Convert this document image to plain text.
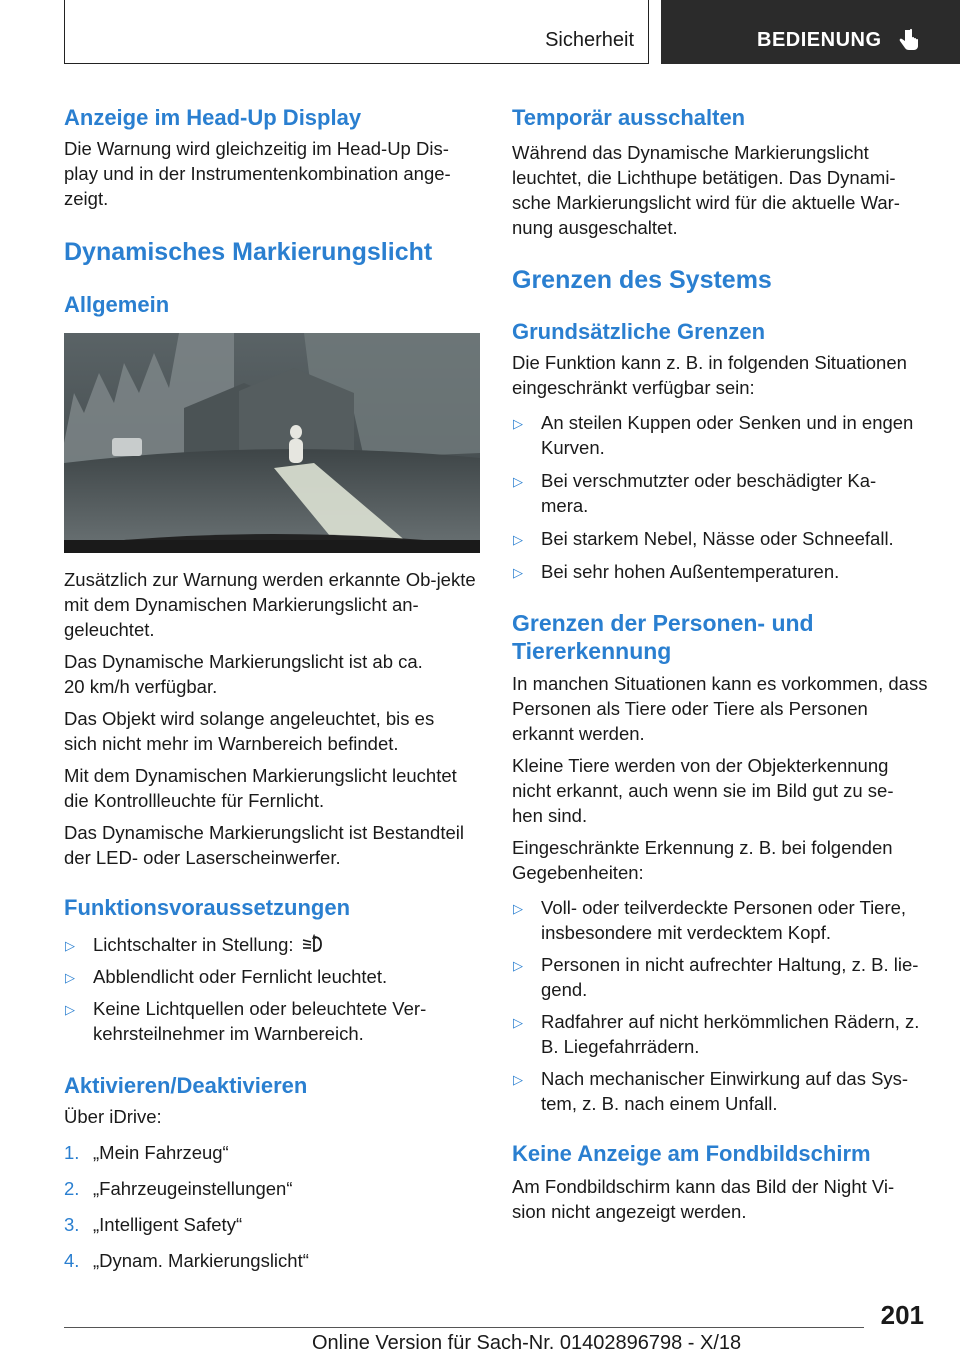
Sicherheit	BEDIENUNG
Anzeige im Head-Up Display

Die Warnung wird gleichzeitig im Head-Up Dis-play und in der Instrumentenkombination ange-zeigt.

Dynamisches Markierungslicht
Allgemein

Zusätzlich zur Warnung werden erkannte Ob-jekte mit dem Dynamischen Markierungslicht an-geleuchtet.

Das Dynamische Markierungslicht ist ab ca. 20 km/h verfügbar.

Das Objekt wird solange angeleuchtet, bis es sich nicht mehr im Warnbereich befindet.

Mit dem Dynamischen Markierungslicht leuchtet die Kontrollleuchte für Fernlicht.

Das Dynamische Markierungslicht ist Bestandteil der LED- oder Laserscheinwerfer.

Funktionsvoraussetzungen
▷ Lichtschalter in Stellung:	A
▷ Abblendlicht oder Fernlicht leuchtet.
▷ Keine Lichtquellen oder beleuchtete Ver-kehrsteilnehmer im Warnbereich.
Aktivieren/Deaktivieren

Über iDrive:

1. „Mein Fahrzeug“
2. „Fahrzeugeinstellungen“
3. „Intelligent Safety“
4. „Dynam. Markierungslicht“
Temporär ausschalten

Während das Dynamische Markierungslicht leuchtet, die Lichthupe betätigen. Das Dynami-sche Markierungslicht wird für die aktuelle War-nung ausgeschaltet.

Grenzen des Systems
Grundsätzliche Grenzen

Die Funktion kann z. B. in folgenden Situationen eingeschränkt verfügbar sein:

▷ An steilen Kuppen oder Senken und in engen Kurven.
▷ Bei verschmutzter oder beschädigter Ka-mera.
▷ Bei starkem Nebel, Nässe oder Schneefall.
▷ Bei sehr hohen Außentemperaturen.
Grenzen der Personen- und Tiererkennung

In manchen Situationen kann es vorkommen, dass Personen als Tiere oder Tiere als Personen erkannt werden.

Kleine Tiere werden von der Objekterkennung nicht erkannt, auch wenn sie im Bild gut zu se-hen sind.

Eingeschränkte Erkennung z. B. bei folgenden Gegebenheiten:

▷ Voll- oder teilverdeckte Personen oder Tiere, insbesondere mit verdecktem Kopf.
▷ Personen in nicht aufrechter Haltung, z. B. lie-gend.
▷ Radfahrer auf nicht herkömmlichen Rädern, z. B. Liegefahrrädern.
▷ Nach mechanischer Einwirkung auf das Sys-tem, z. B. nach einem Unfall.
Keine Anzeige am Fondbildschirm

Am Fondbildschirm kann das Bild der Night Vi-sion nicht angezeigt werden.

201
Online Version für Sach-Nr. 01402896798 - X/18
